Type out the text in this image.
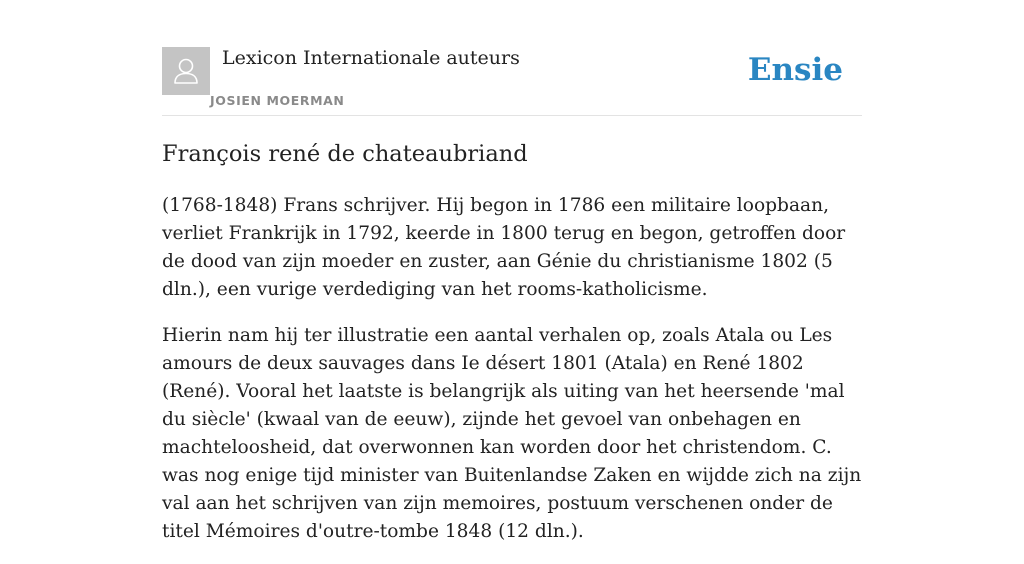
Lexicon Internationale auteurs
JOSIEN MOERMAN
Ensie
François rené de chateaubriand

(1768-1848) Frans schrijver. Hij begon in 1786 een militaire loopbaan, verliet Frankrijk in 1792, keerde in 1800 terug en begon, getroffen door de dood van zijn moeder en zuster, aan Génie du christianisme 1802 (5 dln.), een vurige verdediging van het rooms-katholicisme.

Hierin nam hij ter illustratie een aantal verhalen op, zoals Atala ou Les amours de deux sauvages dans Ie désert 1801 (Atala) en René 1802 (René). Vooral het laatste is belangrijk als uiting van het heersende 'mal du siècle' (kwaal van de eeuw), zijnde het gevoel van onbehagen en machteloosheid, dat overwonnen kan worden door het christendom. C. was nog enige tijd minister van Buitenlandse Zaken en wijdde zich na zijn val aan het schrijven van zijn memoires, postuum verschenen onder de titel Mémoires d'outre-tombe 1848 (12 dln.).
